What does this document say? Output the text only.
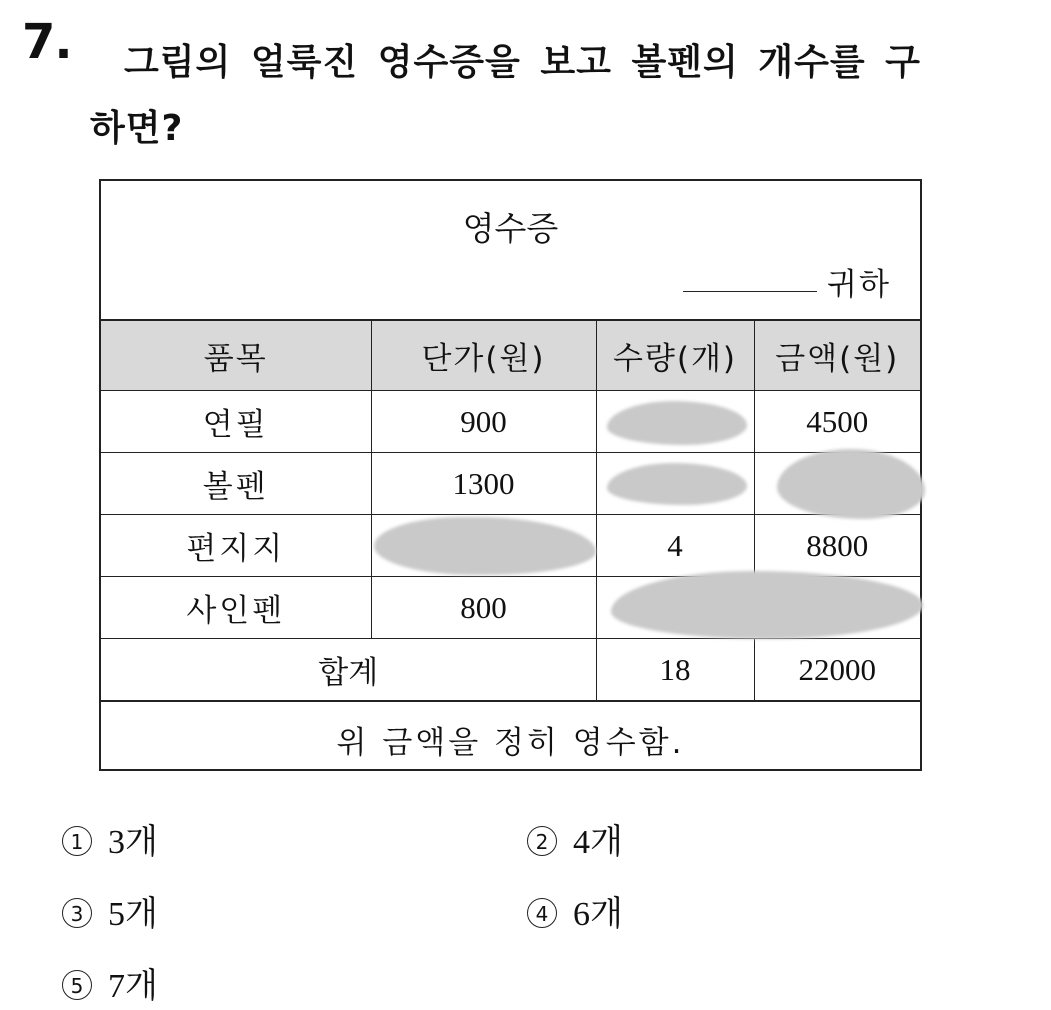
7. 그림의 얼룩진 영수증을 보고 볼펜의 개수를 구
하면?
영수증
귀하
품목	단가(원)	수량(개)	금액(원)
연필	900		4500
볼펜	1300	

편지지		4	8800
사인펜	800		

합계		18	22000
위 금액을 정히 영수함.
1 3개	2 4개
3 5개	4 6개
5 7개
